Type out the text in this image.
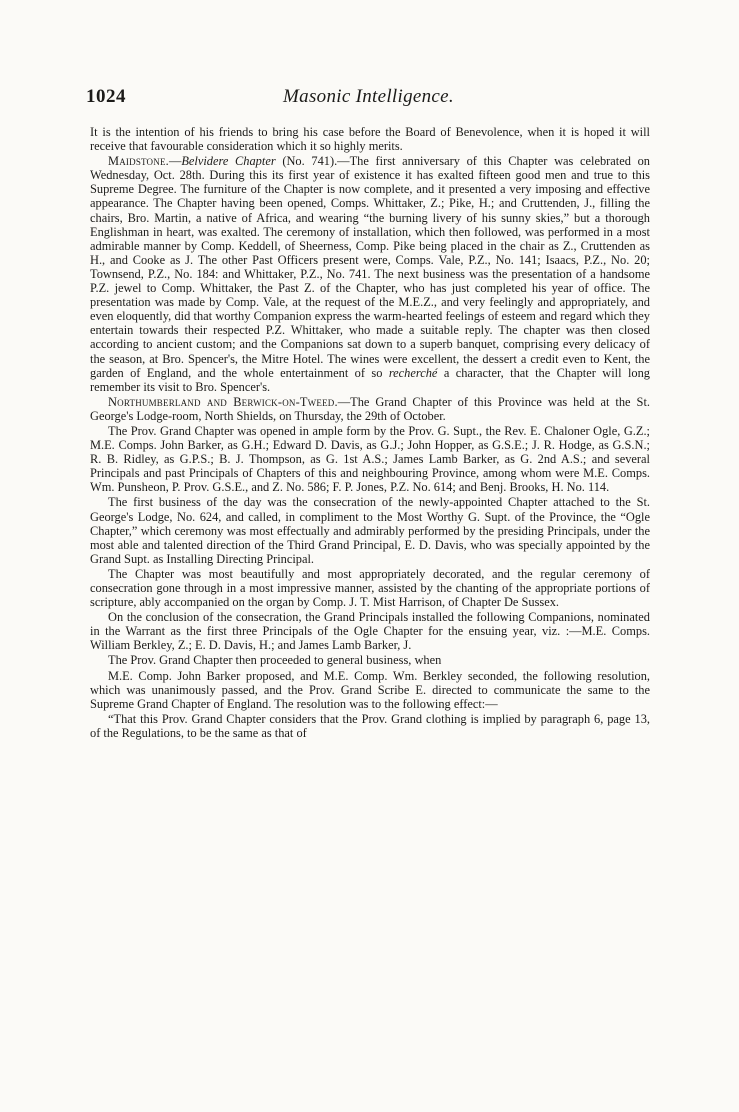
1024	Masonic Intelligence.

It is the intention of his friends to bring his case before the Board of Benevolence, when it is hoped it will receive that favourable consideration which it so highly merits.

Maidstone.—Belvidere Chapter (No. 741).—The first anniversary of this Chapter was celebrated on Wednesday, Oct. 28th. During this its first year of existence it has exalted fifteen good men and true to this Supreme Degree. The furniture of the Chapter is now complete, and it presented a very imposing and effective appearance. The Chapter having been opened, Comps. Whittaker, Z.; Pike, H.; and Cruttenden, J., filling the chairs, Bro. Martin, a native of Africa, and wearing “the burning livery of his sunny skies,” but a thorough Englishman in heart, was exalted. The ceremony of installation, which then followed, was performed in a most admirable manner by Comp. Keddell, of Sheerness, Comp. Pike being placed in the chair as Z., Cruttenden as H., and Cooke as J. The other Past Officers present were, Comps. Vale, P.Z., No. 141; Isaacs, P.Z., No. 20; Townsend, P.Z., No. 184: and Whittaker, P.Z., No. 741. The next business was the presentation of a handsome P.Z. jewel to Comp. Whittaker, the Past Z. of the Chapter, who has just completed his year of office. The presentation was made by Comp. Vale, at the request of the M.E.Z., and very feelingly and appropriately, and even eloquently, did that worthy Companion express the warm-hearted feelings of esteem and regard which they entertain towards their respected P.Z. Whittaker, who made a suitable reply. The chapter was then closed according to ancient custom; and the Companions sat down to a superb banquet, comprising every delicacy of the season, at Bro. Spencer's, the Mitre Hotel. The wines were excellent, the dessert a credit even to Kent, the garden of England, and the whole entertainment of so recherché a character, that the Chapter will long remember its visit to Bro. Spencer's.

Northumberland and Berwick-on-Tweed.—The Grand Chapter of this Province was held at the St. George's Lodge-room, North Shields, on Thursday, the 29th of October.

The Prov. Grand Chapter was opened in ample form by the Prov. G. Supt., the Rev. E. Chaloner Ogle, G.Z.; M.E. Comps. John Barker, as G.H.; Edward D. Davis, as G.J.; John Hopper, as G.S.E.; J. R. Hodge, as G.S.N.; R. B. Ridley, as G.P.S.; B. J. Thompson, as G. 1st A.S.; James Lamb Barker, as G. 2nd A.S.; and several Principals and past Principals of Chapters of this and neighbouring Province, among whom were M.E. Comps. Wm. Punsheon, P. Prov. G.S.E., and Z. No. 586; F. P. Jones, P.Z. No. 614; and Benj. Brooks, H. No. 114.

The first business of the day was the consecration of the newly-appointed Chapter attached to the St. George's Lodge, No. 624, and called, in compliment to the Most Worthy G. Supt. of the Province, the “Ogle Chapter,” which ceremony was most effectually and admirably performed by the presiding Principals, under the most able and talented direction of the Third Grand Principal, E. D. Davis, who was specially appointed by the Grand Supt. as Installing Directing Principal.

The Chapter was most beautifully and most appropriately decorated, and the regular ceremony of consecration gone through in a most impressive manner, assisted by the chanting of the appropriate portions of scripture, ably accompanied on the organ by Comp. J. T. Mist Harrison, of Chapter De Sussex.

On the conclusion of the consecration, the Grand Principals installed the following Companions, nominated in the Warrant as the first three Principals of the Ogle Chapter for the ensuing year, viz. :—M.E. Comps. William Berkley, Z.; E. D. Davis, H.; and James Lamb Barker, J.

The Prov. Grand Chapter then proceeded to general business, when

M.E. Comp. John Barker proposed, and M.E. Comp. Wm. Berkley seconded, the following resolution, which was unanimously passed, and the Prov. Grand Scribe E. directed to communicate the same to the Supreme Grand Chapter of England. The resolution was to the following effect:—

“That this Prov. Grand Chapter considers that the Prov. Grand clothing is implied by paragraph 6, page 13, of the Regulations, to be the same as that of
